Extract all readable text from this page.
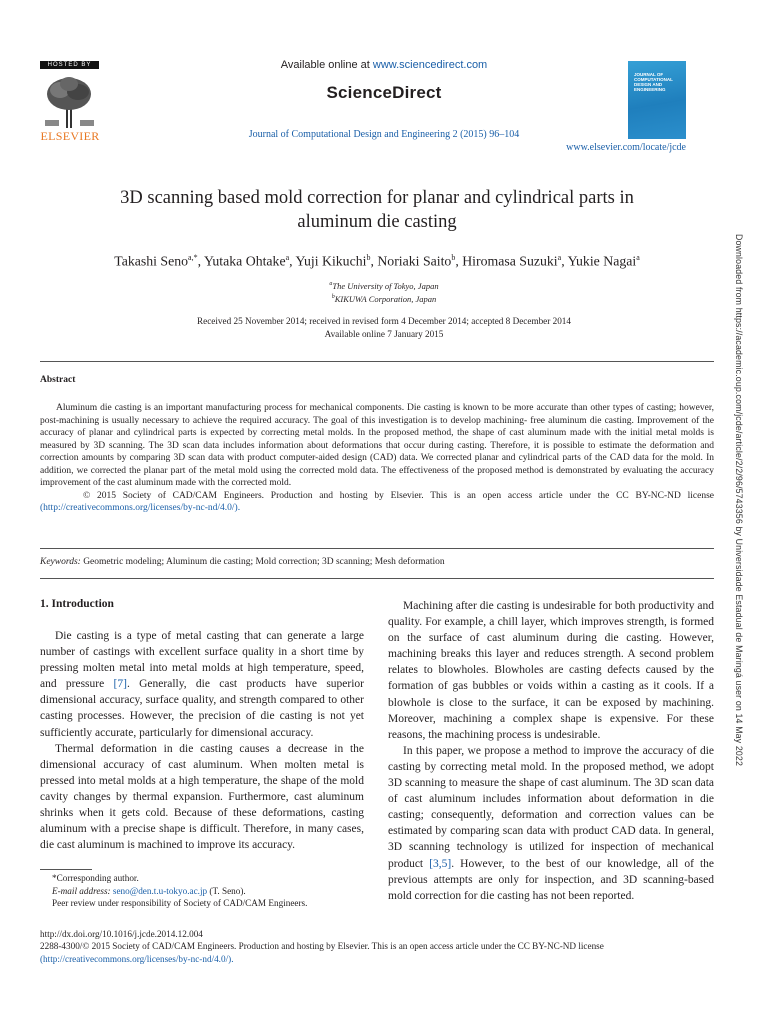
HOSTED BY
ELSEVIER
Available online at www.sciencedirect.com
ScienceDirect
Journal of Computational Design and Engineering 2 (2015) 96–104
JOURNAL OF COMPUTATIONAL DESIGN AND ENGINEERING
www.elsevier.com/locate/jcde
3D scanning based mold correction for planar and cylindrical parts in
aluminum die casting
Takashi Seno$^{a,*}$, Yutaka Ohtake$^a$, Yuji Kikuchi$^b$, Noriaki Saito$^b$, Hiromasa Suzuki$^a$, Yukie Nagai$^a$
$^a$The University of Tokyo, Japan
$^b$KIKUWA Corporation, Japan
Received 25 November 2014; received in revised form 4 December 2014; accepted 8 December 2014
Available online 7 January 2015
Abstract

Aluminum die casting is an important manufacturing process for mechanical components. Die casting is known to be more accurate than other types of casting; however, post-machining is usually necessary to achieve the required accuracy. The goal of this investigation is to develop machining- free aluminum die casting. Improvement of the accuracy of planar and cylindrical parts is expected by correcting metal molds. In the proposed method, the shape of cast aluminum made with the initial metal molds is measured by 3D scanning. The 3D scan data includes information about deformations that occur during casting. Therefore, it is possible to estimate the deformation and correction amounts by comparing 3D scan data with product computer-aided design (CAD) data. We corrected planar and cylindrical parts of the CAD data for the mold. In addition, we corrected the planar part of the metal mold using the corrected mold data. The effectiveness of the proposed method is demonstrated by evaluating the accuracy improvement of the cast aluminum made with the corrected mold.

© 2015 Society of CAD/CAM Engineers. Production and hosting by Elsevier. This is an open access article under the CC BY-NC-ND license (http://creativecommons.org/licenses/by-nc-nd/4.0/).

Keywords: Geometric modeling; Aluminum die casting; Mold correction; 3D scanning; Mesh deformation
1. Introduction

Die casting is a type of metal casting that can generate a large number of castings with excellent surface quality in a short time by pressing molten metal into metal molds at high temperature, speed, and pressure [7]. Generally, die cast products have superior dimensional accuracy, surface quality, and strength compared to other casting processes. However, the precision of die casting is not yet sufficiently accurate, particularly for dimensional accuracy.

Thermal deformation in die casting causes a decrease in the dimensional accuracy of cast aluminum. When molten metal is pressed into metal molds at a high temperature, the shape of the mold cavity changes by thermal expansion. Furthermore, cast aluminum shrinks when it gets cold. Because of these deformations, casting aluminum with a precise shape is difficult. Therefore, in many cases, die cast aluminum is machined to improve its accuracy.

Machining after die casting is undesirable for both productivity and quality. For example, a chill layer, which improves strength, is formed on the surface of cast aluminum during die casting. However, machining breaks this layer and reduces strength. A second problem relates to blowholes. Blowholes are casting defects caused by the formation of gas bubbles or voids within a casting as it cools. If a blowhole is close to the surface, it can be exposed by machining. Moreover, machining a complex shape is expensive. For these reasons, the machining process is undesirable.

In this paper, we propose a method to improve the accuracy of die casting by correcting metal mold. In the proposed method, we adopt 3D scanning to measure the shape of cast aluminum. The 3D scan data of cast aluminum includes information about deformation in die casting; consequently, deformation and correction values can be estimated by comparing scan data with product CAD data. In general, 3D scanning technology is utilized for inspection of mechanical product [3,5]. However, to the best of our knowledge, all of the previous attempts are only for inspection, and 3D scanning-based mold correction for die casting has not been reported.

*Corresponding author.
E-mail address: seno@den.t.u-tokyo.ac.jp (T. Seno).
Peer review under responsibility of Society of CAD/CAM Engineers.
http://dx.doi.org/10.1016/j.jcde.2014.12.004
2288-4300/© 2015 Society of CAD/CAM Engineers. Production and hosting by Elsevier. This is an open access article under the CC BY-NC-ND license
(http://creativecommons.org/licenses/by-nc-nd/4.0/).
Downloaded from https://academic.oup.com/jcde/article/2/2/96/5743356 by Universidade Estadual de Maringá user on 14 May 2022
